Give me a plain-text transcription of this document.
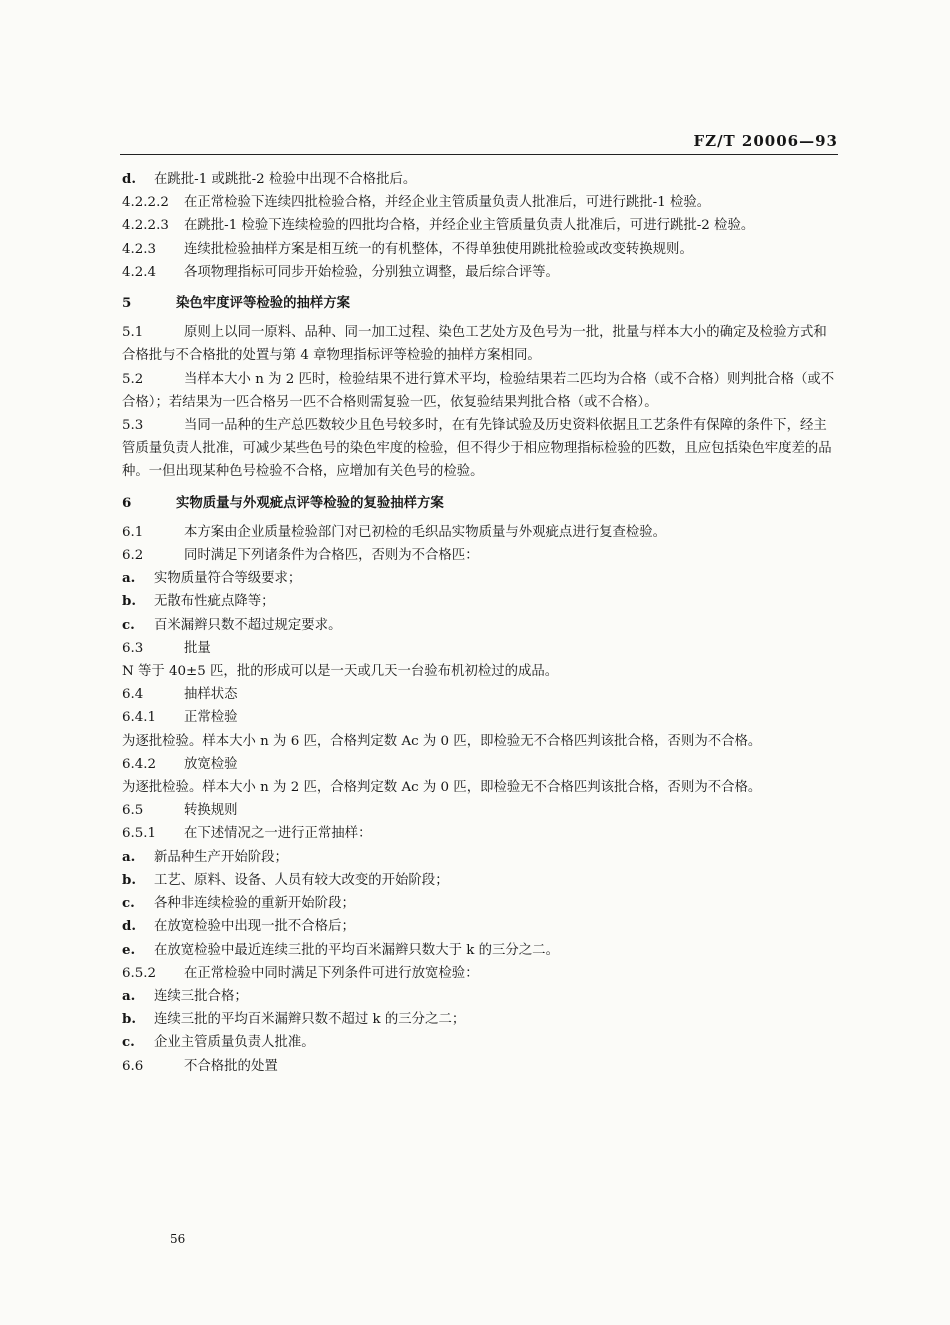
FZ/T 20006—93

d. 在跳批-1 或跳批-2 检验中出现不合格批后。

4.2.2.2 在正常检验下连续四批检验合格，并经企业主管质量负责人批准后，可进行跳批-1 检验。

4.2.2.3 在跳批-1 检验下连续检验的四批均合格，并经企业主管质量负责人批准后，可进行跳批-2 检验。

4.2.3 连续批检验抽样方案是相互统一的有机整体，不得单独使用跳批检验或改变转换规则。

4.2.4 各项物理指标可同步开始检验，分别独立调整，最后综合评等。

5	染色牢度评等检验的抽样方案

5.1	原则上以同一原料、品种、同一加工过程、染色工艺处方及色号为一批，批量与样本大小的确定及检验方式和合格批与不合格批的处置与第 4 章物理指标评等检验的抽样方案相同。

5.2	当样本大小 n 为 2 匹时，检验结果不进行算术平均，检验结果若二匹均为合格（或不合格）则判批合格（或不合格）；若结果为一匹合格另一匹不合格则需复验一匹，依复验结果判批合格（或不合格）。

5.3	当同一品种的生产总匹数较少且色号较多时，在有先锋试验及历史资料依据且工艺条件有保障的条件下，经主管质量负责人批准，可减少某些色号的染色牢度的检验，但不得少于相应物理指标检验的匹数，且应包括染色牢度差的品种。一但出现某种色号检验不合格，应增加有关色号的检验。

6	实物质量与外观疵点评等检验的复验抽样方案

6.1	本方案由企业质量检验部门对已初检的毛织品实物质量与外观疵点进行复查检验。

6.2	同时满足下列诸条件为合格匹，否则为不合格匹：

a. 实物质量符合等级要求；

b. 无散布性疵点降等；

c. 百米漏辫只数不超过规定要求。

6.3	批量

N 等于 40±5 匹，批的形成可以是一天或几天一台验布机初检过的成品。

6.4	抽样状态

6.4.1 正常检验

为逐批检验。样本大小 n 为 6 匹，合格判定数 Ac 为 0 匹，即检验无不合格匹判该批合格，否则为不合格。

6.4.2 放宽检验

为逐批检验。样本大小 n 为 2 匹，合格判定数 Ac 为 0 匹，即检验无不合格匹判该批合格，否则为不合格。

6.5	转换规则

6.5.1 在下述情况之一进行正常抽样：

a. 新品种生产开始阶段；

b. 工艺、原料、设备、人员有较大改变的开始阶段；

c. 各种非连续检验的重新开始阶段；

d. 在放宽检验中出现一批不合格后；

e. 在放宽检验中最近连续三批的平均百米漏辫只数大于 k 的三分之二。

6.5.2 在正常检验中同时满足下列条件可进行放宽检验：

a. 连续三批合格；

b. 连续三批的平均百米漏辫只数不超过 k 的三分之二；

c. 企业主管质量负责人批准。

6.6	不合格批的处置

56
